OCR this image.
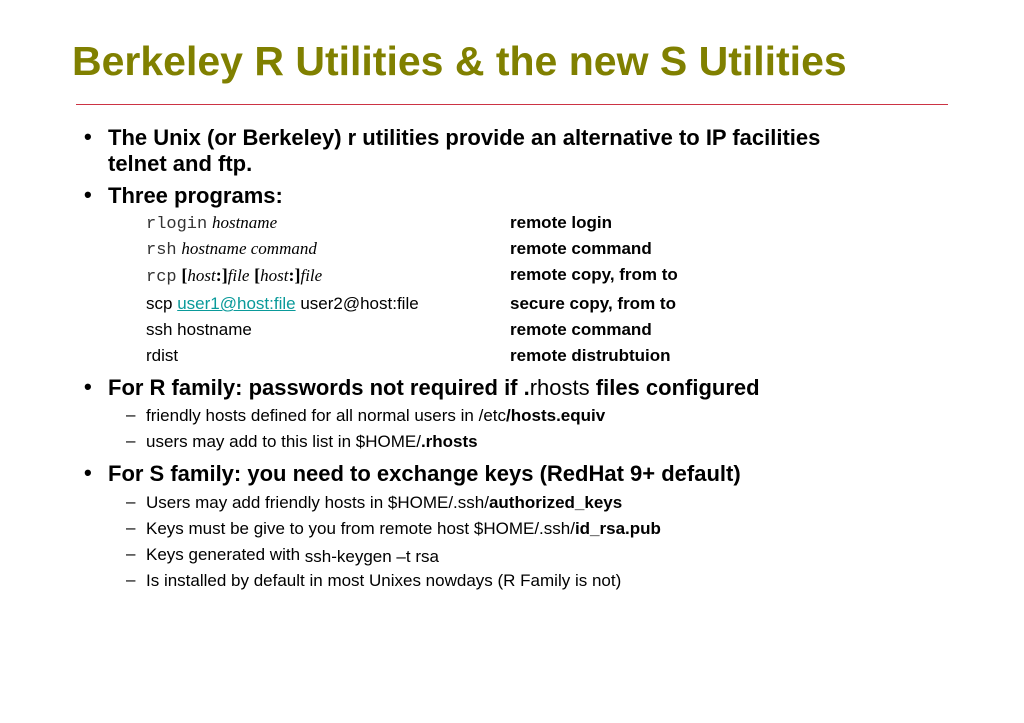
Berkeley R Utilities & the new S Utilities
• The Unix (or Berkeley) r utilities provide an alternative to IP facilities
telnet and ftp.
• Three programs:
rlogin hostname	remote login
rsh hostname command	remote command
rcp [host:]file [host:]file	remote copy, from to
scp user1@host:file user2@host:file	secure copy, from to
ssh hostname	remote command
rdist	remote distrubtuion
• For R family: passwords not required if .rhosts files configured
– friendly hosts defined for all normal users in /etc/hosts.equiv
– users may add to this list in $HOME/.rhosts
• For S family: you need to exchange keys (RedHat 9+ default)
– Users may add friendly hosts in $HOME/.ssh/authorized_keys
– Keys must be give to you from remote host $HOME/.ssh/id_rsa.pub
– Keys generated with ssh-keygen –t rsa
– Is installed by default in most Unixes nowdays (R Family is not)
